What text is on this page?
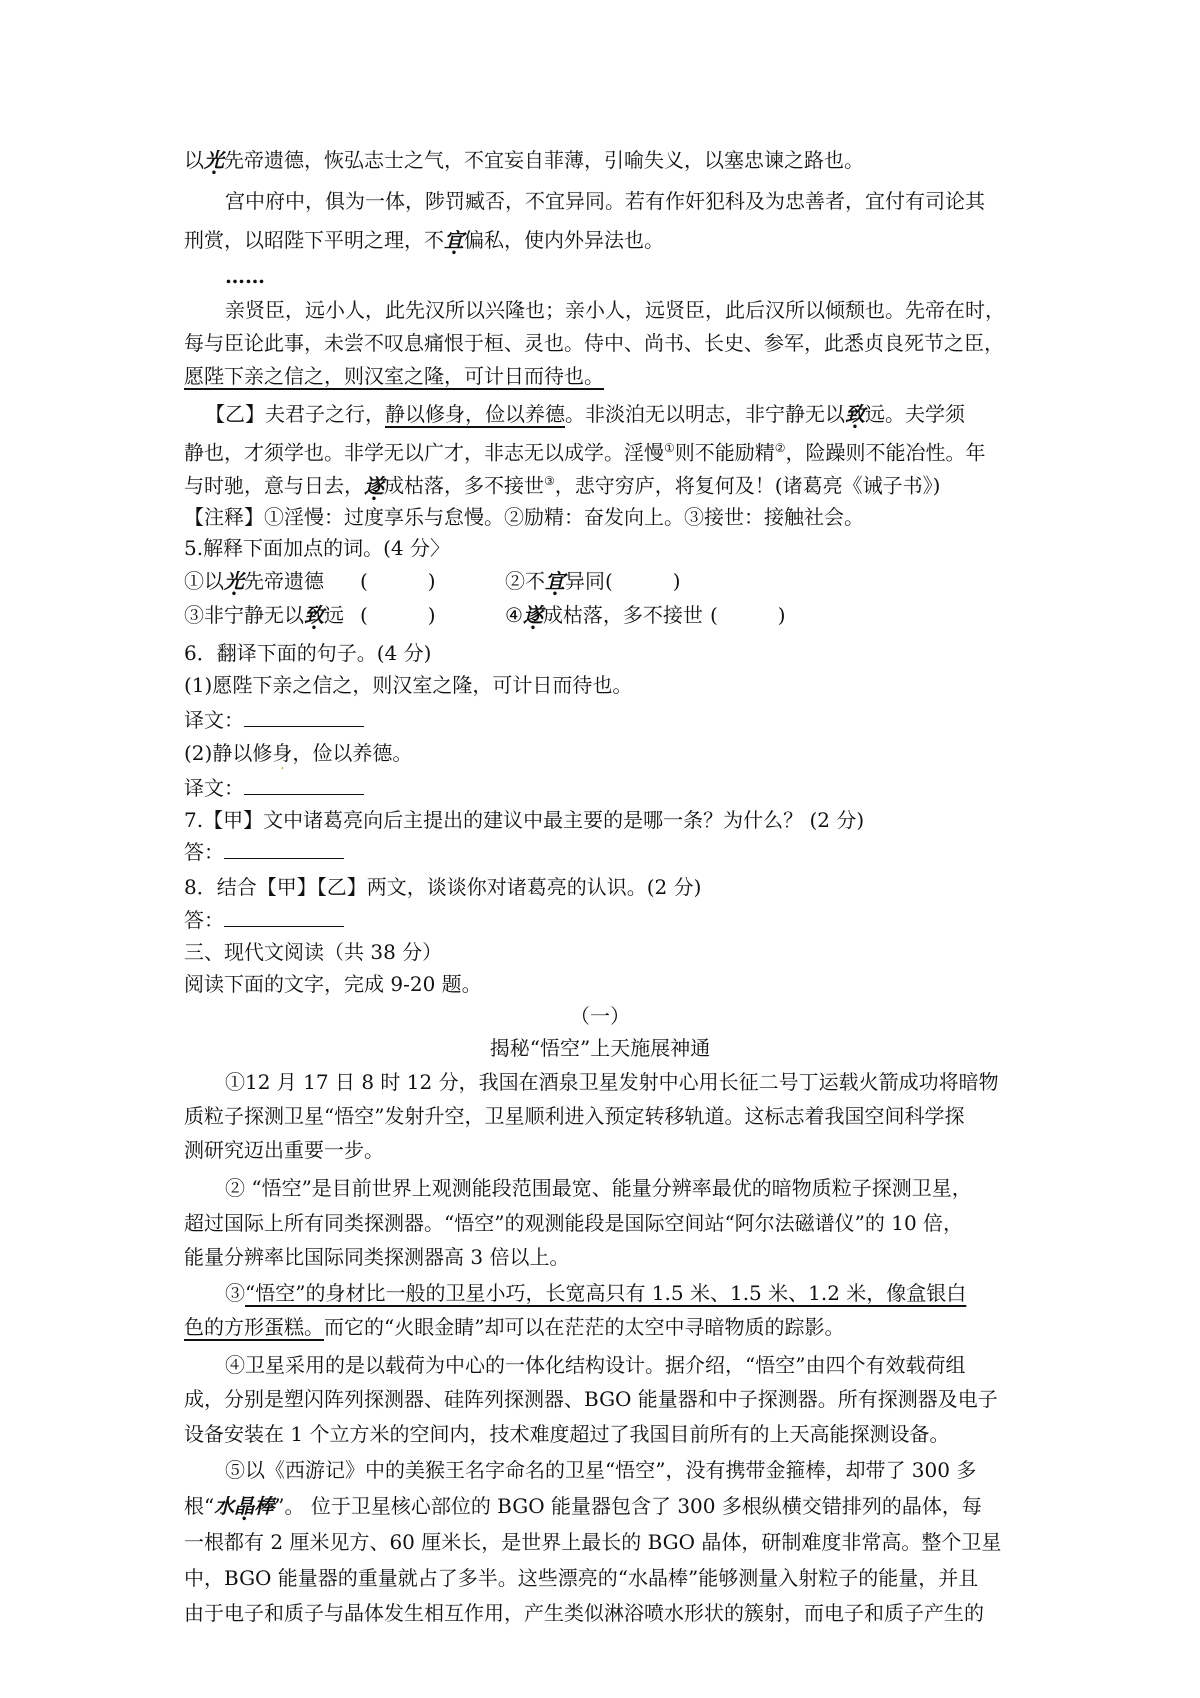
以光先帝遗德，恢弘志士之气，不宜妄自菲薄，引喻失义，以塞忠谏之路也。
宫中府中，俱为一体，陟罚臧否，不宜异同。若有作奸犯科及为忠善者，宜付有司论其
刑赏，以昭陛下平明之理，不宜偏私，使内外异法也。
……
亲贤臣，远小人，此先汉所以兴隆也；亲小人，远贤臣，此后汉所以倾颓也。先帝在时，
每与臣论此事，未尝不叹息痛恨于桓、灵也。侍中、尚书、长史、参军，此悉贞良死节之臣，
愿陛下亲之信之，则汉室之隆，可计日而待也。
【乙】夫君子之行，静以修身，俭以养德。非淡泊无以明志，非宁静无以致远。夫学须
静也，才须学也。非学无以广才，非志无以成学。淫慢①则不能励精②，险躁则不能冶性。年
与时驰，意与日去，遂成枯落，多不接世③，悲守穷庐，将复何及！(诸葛亮《诫子书》)
【注释】①淫慢：过度享乐与怠慢。②励精：奋发向上。③接世：接触社会。
5.解释下面加点的词。(4 分〉
①以光先帝遗德 (　　　)	②不宜异同 (　　　)
③非宁静无以致远 (　　　)	④遂成枯落，多不接世 (　　　)
6．翻译下面的句子。(4 分)
(1)愿陛下亲之信之，则汉室之隆，可计日而待也。
译文：
(2)静以修身，俭以养德。
译文：
7.【甲】文中诸葛亮向后主提出的建议中最主要的是哪一条？为什么？ (2 分)
答：
8．结合【甲】【乙】两文，谈谈你对诸葛亮的认识。(2 分)
答：
三、现代文阅读（共 38 分）
阅读下面的文字，完成 9-20 题。
（一）
揭秘“悟空”上天施展神通
①12 月 17 日 8 时 12 分，我国在酒泉卫星发射中心用长征二号丁运载火箭成功将暗物
质粒子探测卫星“悟空”发射升空，卫星顺利进入预定转移轨道。这标志着我国空间科学探
测研究迈出重要一步。
② “悟空”是目前世界上观测能段范围最宽、能量分辨率最优的暗物质粒子探测卫星，
超过国际上所有同类探测器。“悟空”的观测能段是国际空间站“阿尔法磁谱仪”的 10 倍，
能量分辨率比国际同类探测器高 3 倍以上。
③“悟空”的身材比一般的卫星小巧，长宽高只有 1.5 米、1.5 米、1.2 米，像盒银白
色的方形蛋糕。而它的“火眼金睛”却可以在茫茫的太空中寻暗物质的踪影。
④卫星采用的是以载荷为中心的一体化结构设计。据介绍，“悟空”由四个有效载荷组
成，分别是塑闪阵列探测器、硅阵列探测器、BGO 能量器和中子探测器。所有探测器及电子
设备安装在 1 个立方米的空间内，技术难度超过了我国目前所有的上天高能探测设备。
⑤以《西游记》中的美猴王名字命名的卫星“悟空”，没有携带金箍棒，却带了 300 多
根“水晶棒”。 位于卫星核心部位的 BGO 能量器包含了 300 多根纵横交错排列的晶体，每
一根都有 2 厘米见方、60 厘米长，是世界上最长的 BGO 晶体，研制难度非常高。整个卫星
中，BGO 能量器的重量就占了多半。这些漂亮的“水晶棒”能够测量入射粒子的能量，并且
由于电子和质子与晶体发生相互作用，产生类似淋浴喷水形状的簇射，而电子和质子产生的
